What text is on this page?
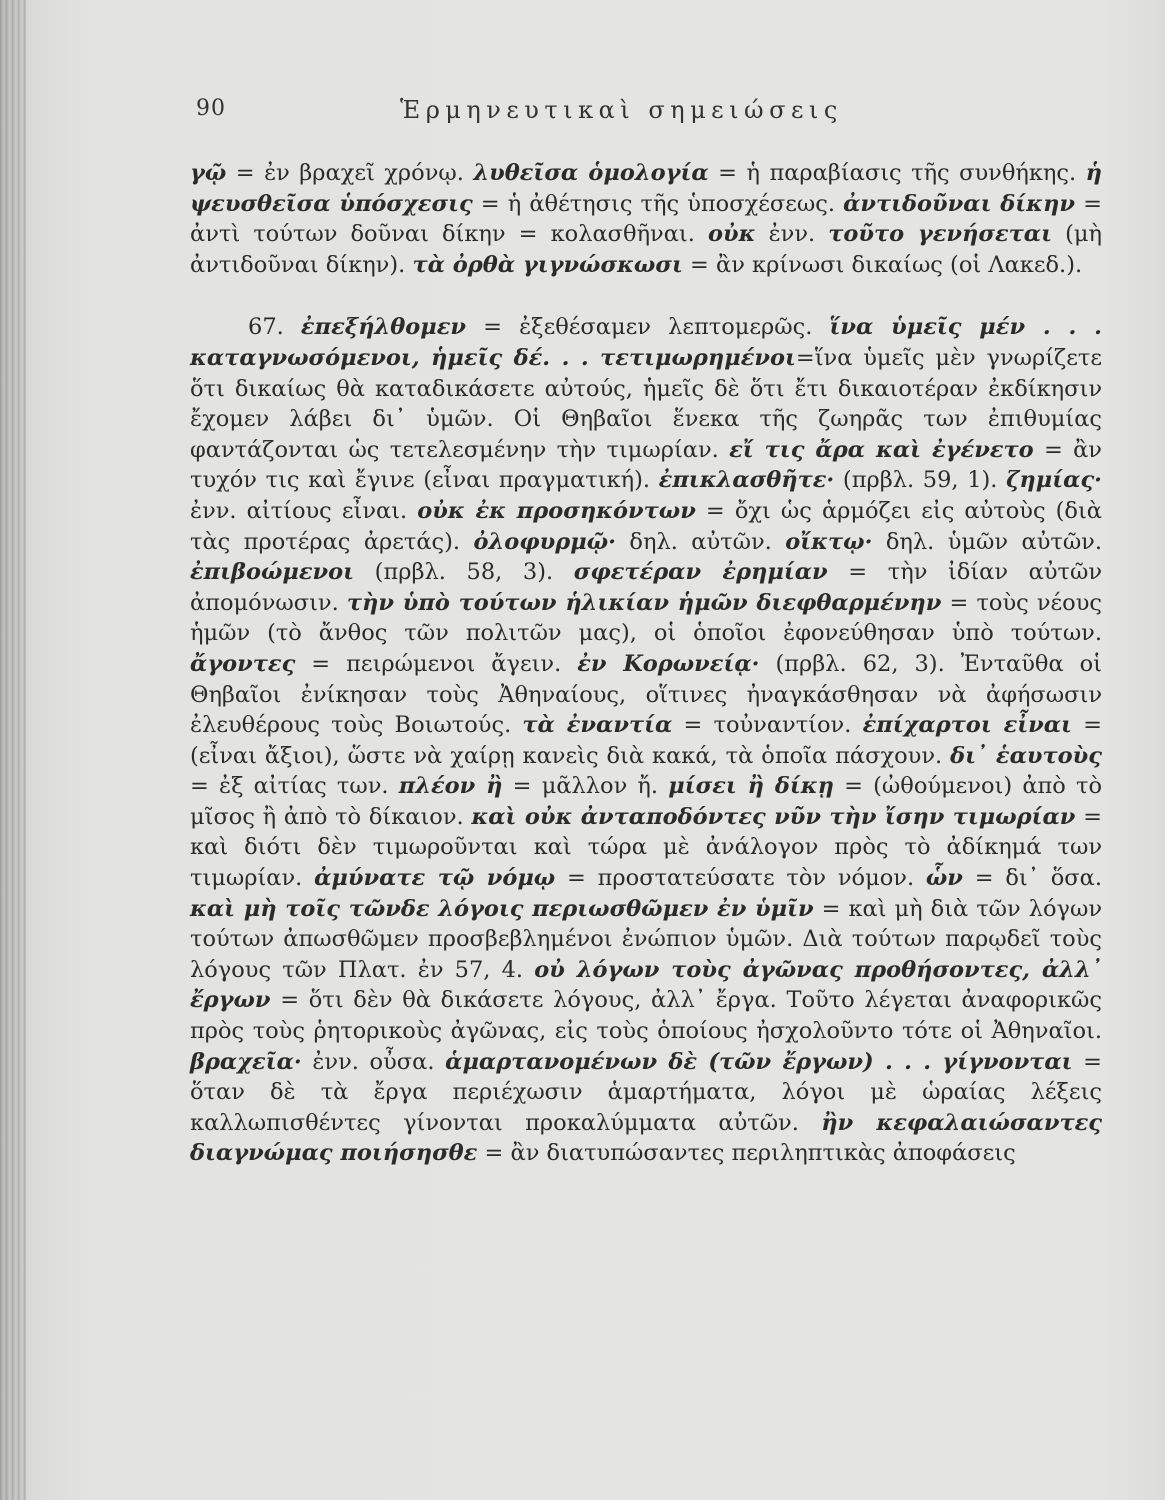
90	Ἑρμηνευτικαὶ σημειώσεις

γῷ = ἐν βραχεῖ χρόνῳ. λυθεῖσα ὁμολογία = ἡ παραβίασις τῆς συνθήκης. ἡ ψευσθεῖσα ὑπόσχεσις = ἡ ἀθέτησις τῆς ὑποσχέσεως. ἀντιδοῦναι δίκην = ἀντὶ τούτων δοῦναι δίκην = κολασθῆναι. οὐκ ἐνν. τοῦτο γενήσεται (μὴ ἀντιδοῦναι δίκην). τὰ ὀρθὰ γιγνώσκωσι = ἂν κρίνωσι δικαίως (οἱ Λακεδ.).

67. ἐπεξήλθομεν = ἐξεθέσαμεν λεπτομερῶς. ἵνα ὑμεῖς μέν . . . καταγνωσόμενοι, ἡμεῖς δέ. . . τετιμωρημένοι=ἵνα ὑμεῖς μὲν γνωρίζετε ὅτι δικαίως θὰ καταδικάσετε αὐτούς, ἡμεῖς δὲ ὅτι ἔτι δικαιοτέραν ἐκδίκησιν ἔχομεν λάβει δι᾽ ὑμῶν. Οἱ Θηβαῖοι ἕνεκα τῆς ζωηρᾶς των ἐπιθυμίας φαντάζονται ὡς τετελεσμένην τὴν τιμωρίαν. εἴ τις ἄρα καὶ ἐγένετο = ἂν τυχόν τις καὶ ἔγινε (εἶναι πραγματική). ἐπικλασθῆτε· (πρβλ. 59, 1). ζημίας· ἐνν. αἰτίους εἶναι. οὐκ ἐκ προσηκόντων = ὄχι ὡς ἁρμόζει εἰς αὐτοὺς (διὰ τὰς προτέρας ἀρετάς). ὀλοφυρμῷ· δηλ. αὐτῶν. οἴκτῳ· δηλ. ὑμῶν αὐτῶν. ἐπιβοώμενοι (πρβλ. 58, 3). σφετέραν ἐρημίαν = τὴν ἰδίαν αὐτῶν ἀπομόνωσιν. τὴν ὑπὸ τούτων ἡλικίαν ἡμῶν διεφθαρμένην = τοὺς νέους ἡμῶν (τὸ ἄνθος τῶν πολιτῶν μας), οἱ ὁποῖοι ἐφονεύθησαν ὑπὸ τούτων. ἄγοντες = πειρώμενοι ἄγειν. ἐν Κορωνείᾳ· (πρβλ. 62, 3). Ἐνταῦθα οἱ Θηβαῖοι ἐνίκησαν τοὺς Ἀθηναίους, οἵτινες ἠναγκάσθησαν νὰ ἀφήσωσιν ἐλευθέρους τοὺς Βοιωτούς. τὰ ἐναντία = τοὐναντίον. ἐπίχαρτοι εἶναι = (εἶναι ἄξιοι), ὥστε νὰ χαίρῃ κανεὶς διὰ κακά, τὰ ὁποῖα πάσχουν. δι᾽ ἑαυτοὺς = ἐξ αἰτίας των. πλέον ἢ = μᾶλλον ἤ. μίσει ἢ δίκῃ = (ὠθούμενοι) ἀπὸ τὸ μῖσος ἢ ἀπὸ τὸ δίκαιον. καὶ οὐκ ἀνταποδόντες νῦν τὴν ἴσην τιμωρίαν = καὶ διότι δὲν τιμωροῦνται καὶ τώρα μὲ ἀνάλογον πρὸς τὸ ἀδίκημά των τιμωρίαν. ἀμύνατε τῷ νόμῳ = προστατεύσατε τὸν νόμον. ὧν = δι᾽ ὅσα. καὶ μὴ τοῖς τῶνδε λόγοις περιωσθῶμεν ἐν ὑμῖν = καὶ μὴ διὰ τῶν λόγων τούτων ἀπωσθῶμεν προσβεβλημένοι ἐνώπιον ὑμῶν. Διὰ τούτων παρῳδεῖ τοὺς λόγους τῶν Πλατ. ἐν 57, 4. οὐ λόγων τοὺς ἀγῶνας προθήσοντες, ἀλλ᾽ ἔργων = ὅτι δὲν θὰ δικάσετε λόγους, ἀλλ᾽ ἔργα. Τοῦτο λέγεται ἀναφορικῶς πρὸς τοὺς ῥητορικοὺς ἀγῶνας, εἰς τοὺς ὁποίους ἠσχολοῦντο τότε οἱ Ἀθηναῖοι. βραχεῖα· ἐνν. οὖσα. ἁμαρτανομένων δὲ (τῶν ἔργων) . . . γίγνονται = ὅταν δὲ τὰ ἔργα περιέχωσιν ἁμαρτήματα, λόγοι μὲ ὡραίας λέξεις καλλωπισθέντες γίνονται προκαλύμματα αὐτῶν. ἢν κεφαλαιώσαντες διαγνώμας ποιήσησθε = ἂν διατυπώσαντες περιληπτικὰς ἀποφάσεις
